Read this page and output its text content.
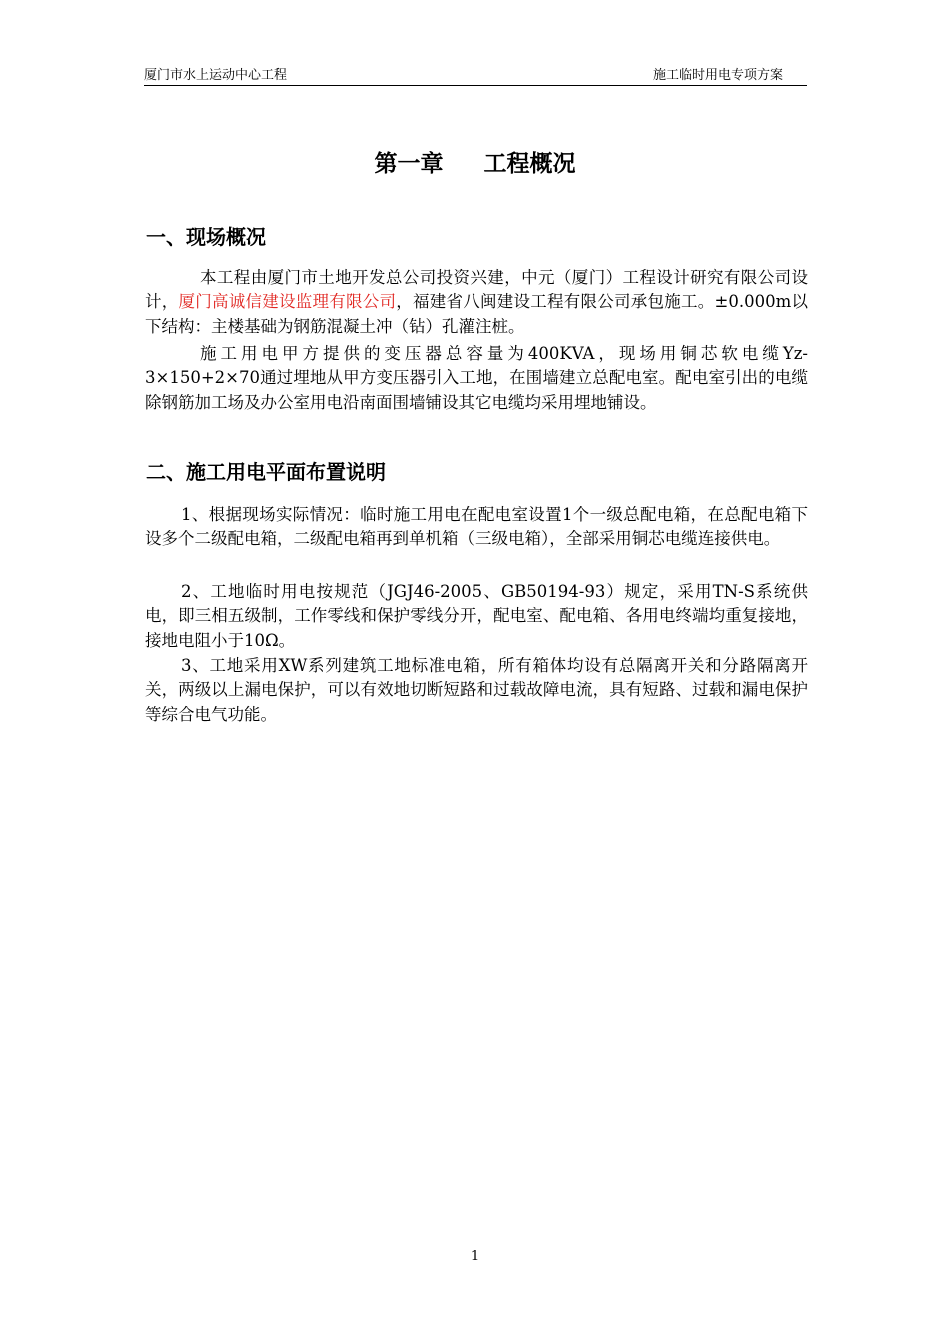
厦门市水上运动中心工程	施工临时用电专项方案
第一章 工程概况
一、现场概况

本工程由厦门市土地开发总公司投资兴建，中元（厦门）工程设计研究有限公司设计，厦门高诚信建设监理有限公司，福建省八闽建设工程有限公司承包施工。±0.000m以下结构：主楼基础为钢筋混凝土冲（钻）孔灌注桩。

施工用电甲方提供的变压器总容量为400KVA，现场用铜芯软电缆Yz-3×150+2×70通过埋地从甲方变压器引入工地，在围墙建立总配电室。配电室引出的电缆除钢筋加工场及办公室用电沿南面围墙铺设其它电缆均采用埋地铺设。

二、施工用电平面布置说明

1、根据现场实际情况：临时施工用电在配电室设置1个一级总配电箱，在总配电箱下设多个二级配电箱，二级配电箱再到单机箱（三级电箱），全部采用铜芯电缆连接供电。

2、工地临时用电按规范（JGJ46-2005、GB50194-93）规定，采用TN-S系统供电，即三相五级制，工作零线和保护零线分开，配电室、配电箱、各用电终端均重复接地，接地电阻小于10Ω。

3、工地采用XW系列建筑工地标准电箱，所有箱体均设有总隔离开关和分路隔离开关，两级以上漏电保护，可以有效地切断短路和过载故障电流，具有短路、过载和漏电保护等综合电气功能。

1
